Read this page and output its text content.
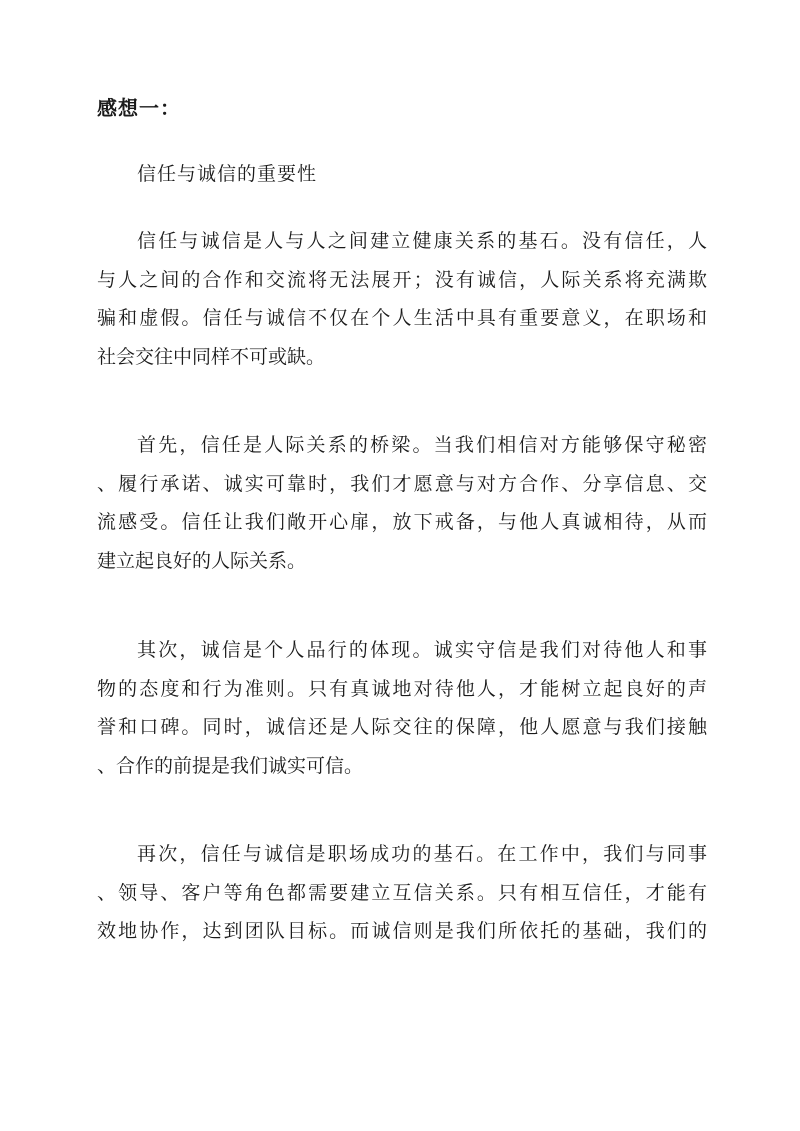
感想一：
信任与诚信的重要性
信任与诚信是人与人之间建立健康关系的基石。没有信任，人
与人之间的合作和交流将无法展开；没有诚信，人际关系将充满欺
骗和虚假。信任与诚信不仅在个人生活中具有重要意义，在职场和
社会交往中同样不可或缺。
首先，信任是人际关系的桥梁。当我们相信对方能够保守秘密
、履行承诺、诚实可靠时，我们才愿意与对方合作、分享信息、交
流感受。信任让我们敞开心扉，放下戒备，与他人真诚相待，从而
建立起良好的人际关系。
其次，诚信是个人品行的体现。诚实守信是我们对待他人和事
物的态度和行为准则。只有真诚地对待他人，才能树立起良好的声
誉和口碑。同时，诚信还是人际交往的保障，他人愿意与我们接触
、合作的前提是我们诚实可信。
再次，信任与诚信是职场成功的基石。在工作中，我们与同事
、领导、客户等角色都需要建立互信关系。只有相互信任，才能有
效地协作，达到团队目标。而诚信则是我们所依托的基础，我们的
